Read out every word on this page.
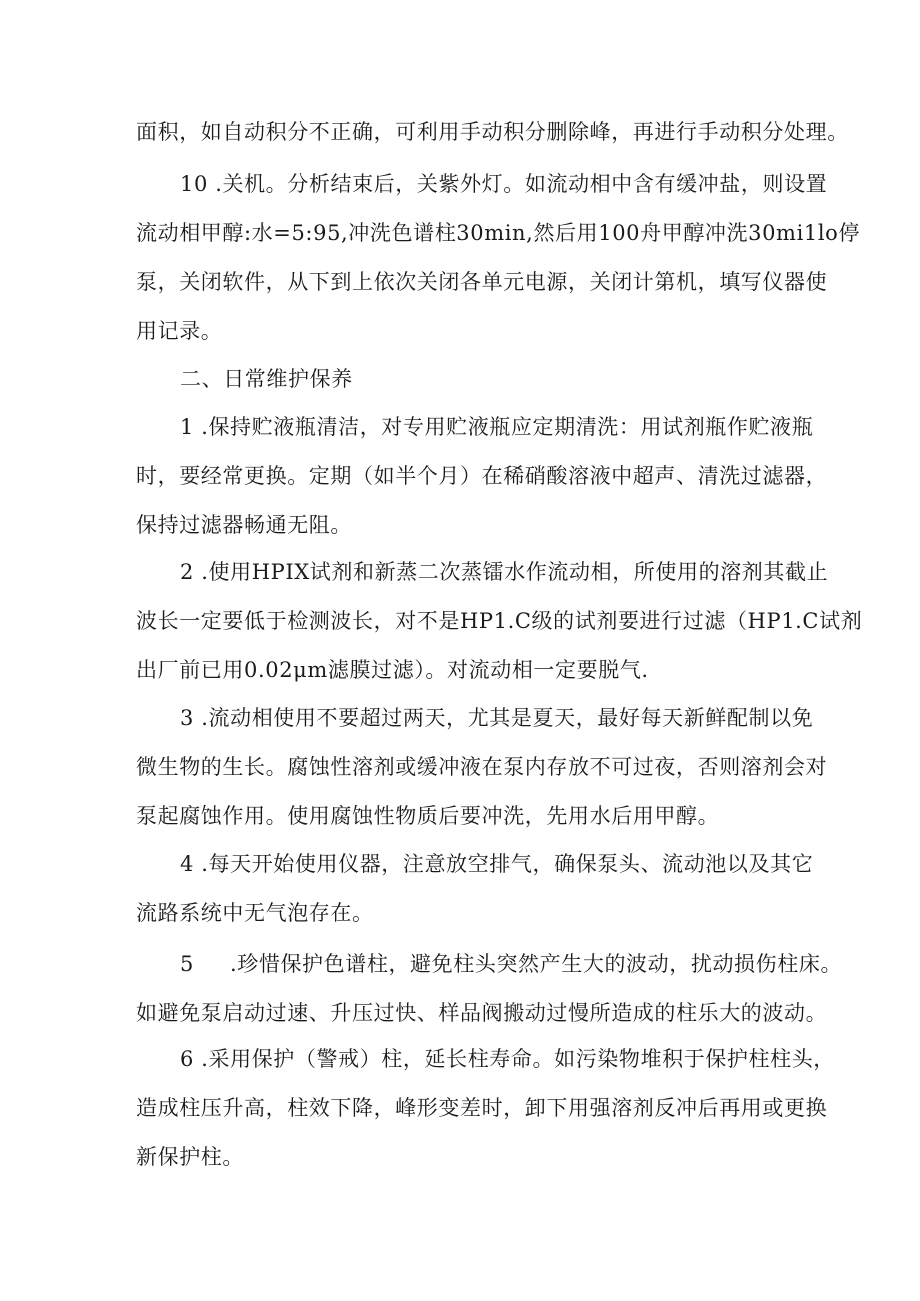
面积，如自动积分不正确，可利用手动积分删除峰，再进行手动积分处理。
10 .关机。分析结束后，关紫外灯。如流动相中含有缓冲盐，则设置
流动相甲醇:水=5:95,冲洗色谱柱30min,然后用100舟甲醇冲洗30mi1lo停
泵，关闭软件，从下到上依次关闭各单元电源，关闭计第机，填写仪器使
用记录。
二、日常维护保养
1 .保持贮液瓶清洁，对专用贮液瓶应定期清洗：用试剂瓶作贮液瓶
时，要经常更换。定期（如半个月）在稀硝酸溶液中超声、清洗过滤器，
保持过滤器畅通无阻。
2 .使用HPIX试剂和新蒸二次蒸镭水作流动相，所使用的溶剂其截止
波长一定要低于检测波长，对不是HP1.C级的试剂要进行过滤（HP1.C试剂
出厂前已用0.02μm滤膜过滤）。对流动相一定要脱气.
3 .流动相使用不要超过两天，尤其是夏天，最好每天新鲜配制以免
微生物的生长。腐蚀性溶剂或缓冲液在泵内存放不可过夜，否则溶剂会对
泵起腐蚀作用。使用腐蚀性物质后要冲洗，先用水后用甲醇。
4 .每天开始使用仪器，注意放空排气，确保泵头、流动池以及其它
流路系统中无气泡存在。
5 .珍惜保护色谱柱，避免柱头突然产生大的波动，扰动损伤柱床。
如避免泵启动过速、升压过快、样品阀搬动过慢所造成的柱乐大的波动。
6 .采用保护（警戒）柱，延长柱寿命。如污染物堆积于保护柱柱头，
造成柱压升高，柱效下降，峰形变差时，卸下用强溶剂反冲后再用或更换
新保护柱。
